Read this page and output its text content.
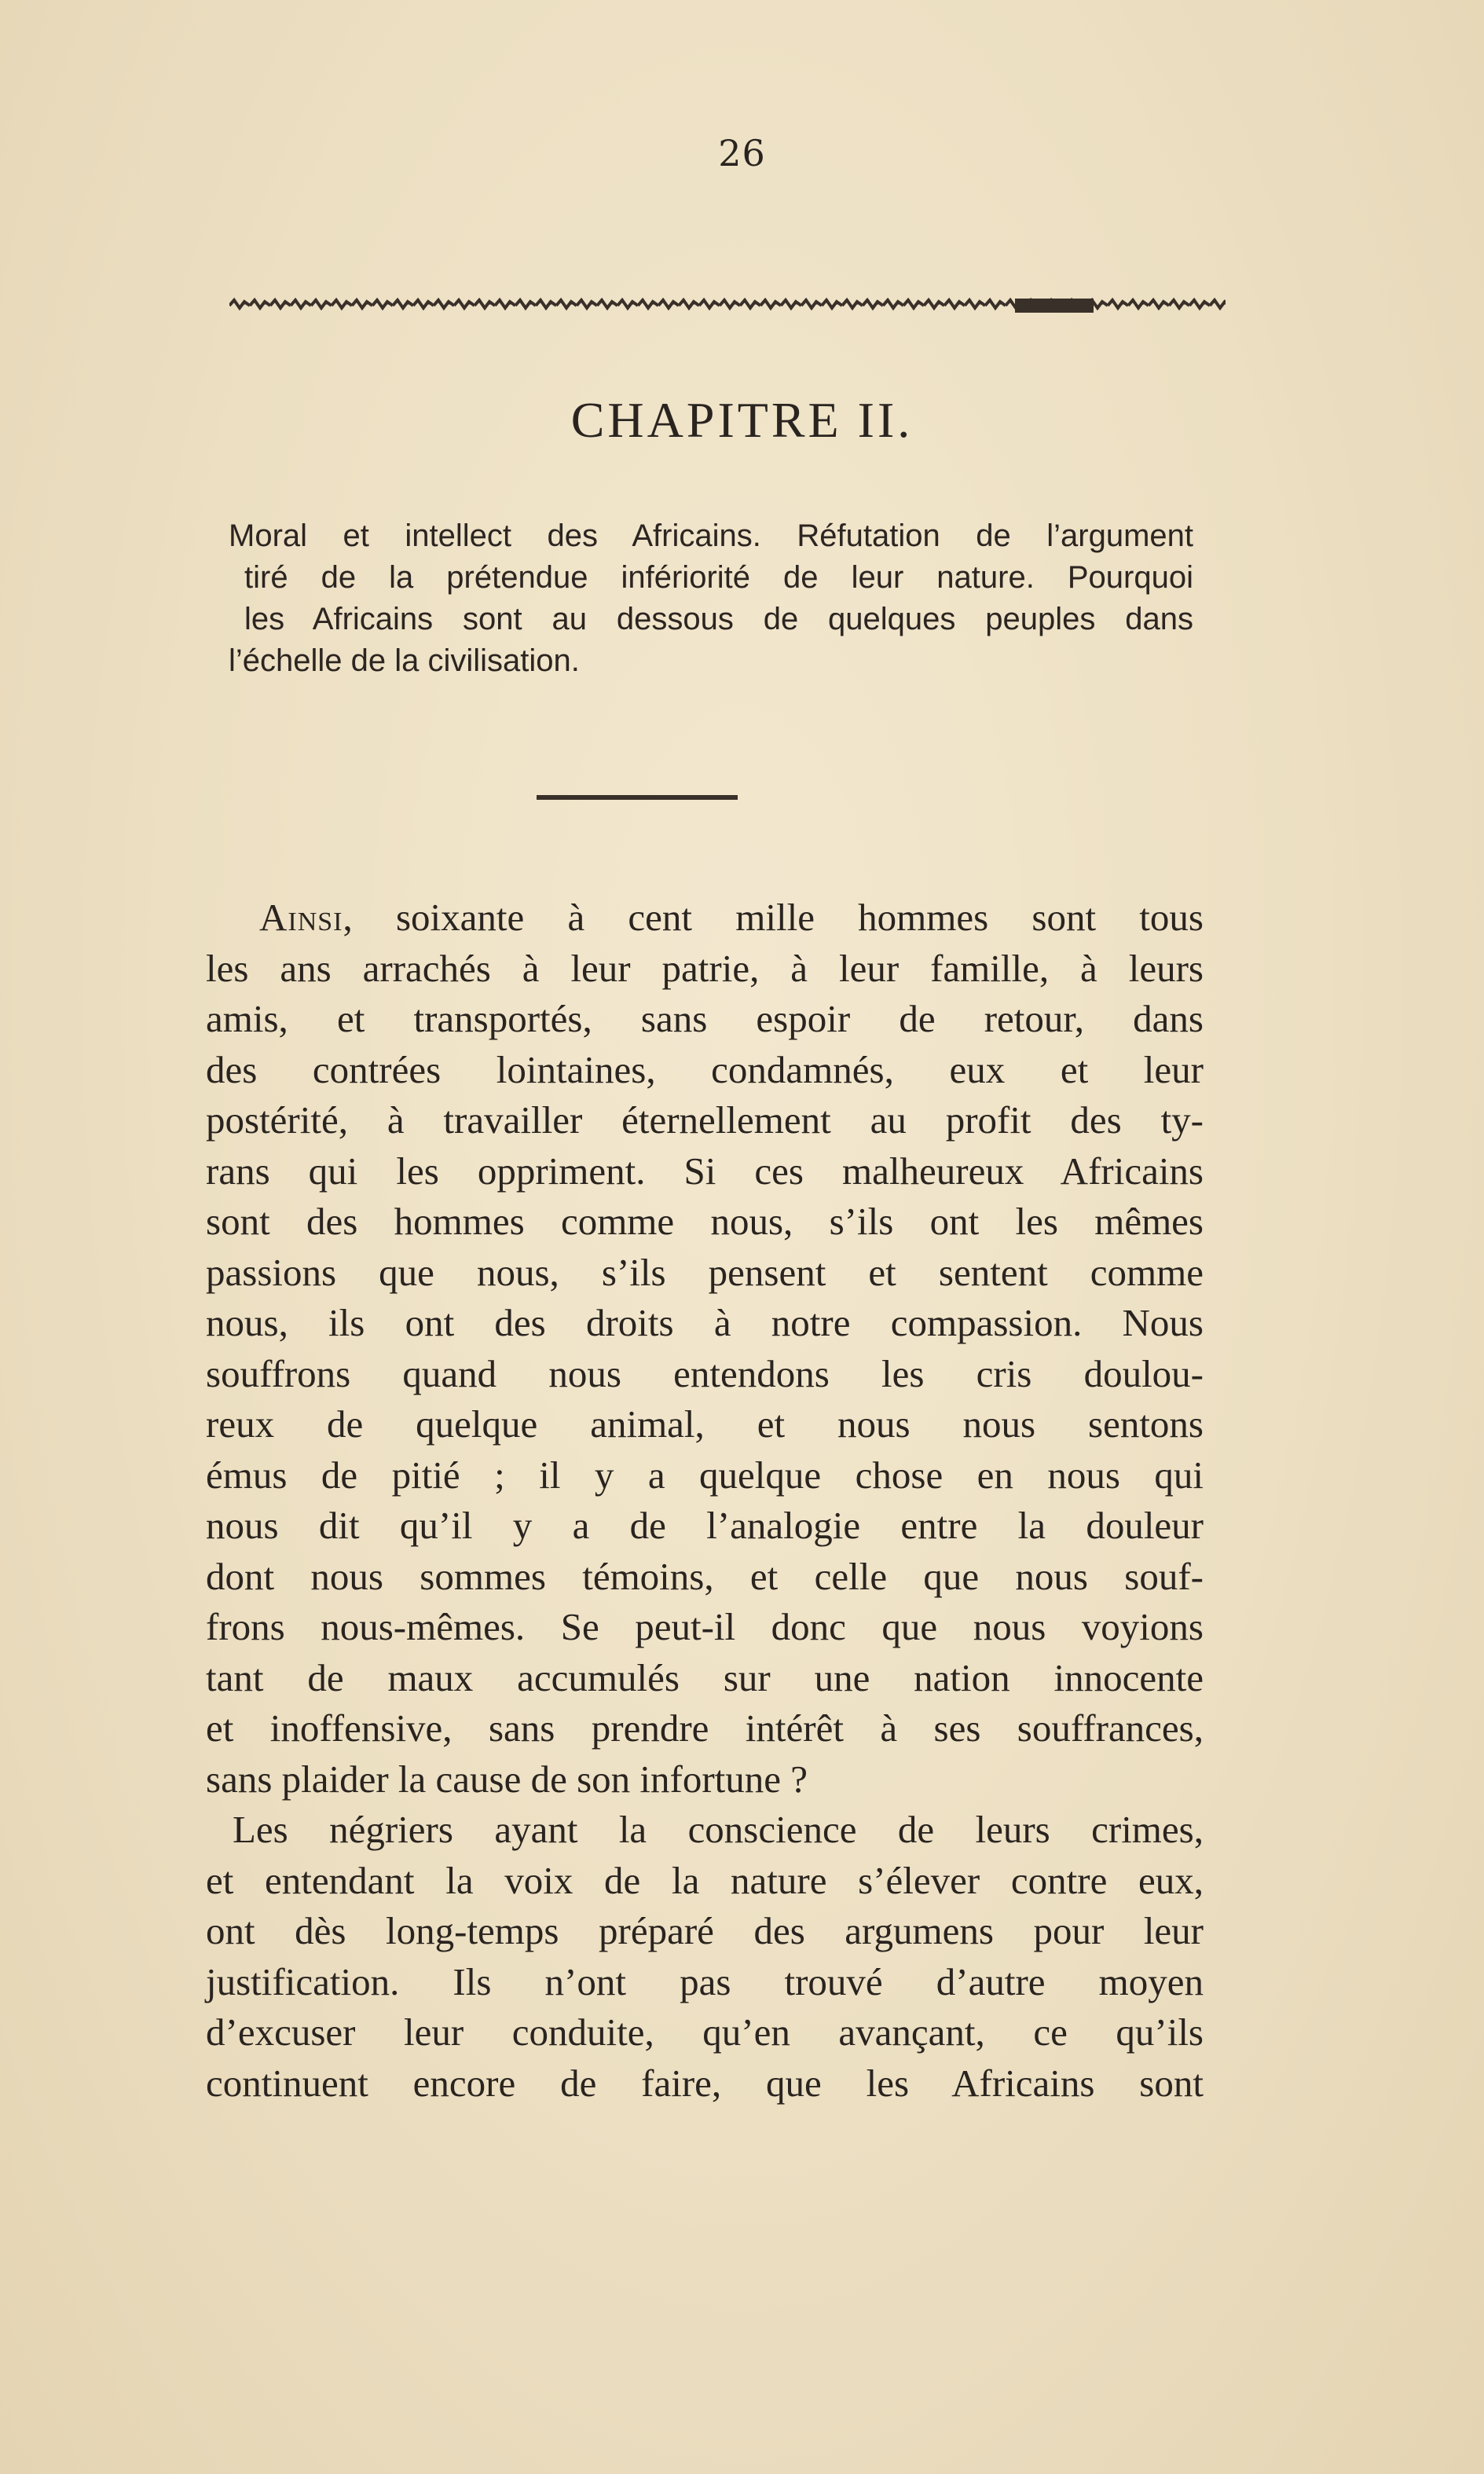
26
CHAPITRE II.
Moral et intellect des Africains. Réfutation de l’argument
tiré de la prétendue infériorité de leur nature. Pourquoi
les Africains sont au dessous de quelques peuples dans
l’échelle de la civilisation.
Ainsi, soixante à cent mille hommes sont tous
les ans arrachés à leur patrie, à leur famille, à leurs
amis, et transportés, sans espoir de retour, dans
des contrées lointaines, condamnés, eux et leur
postérité, à travailler éternellement au profit des ty-
rans qui les oppriment. Si ces malheureux Africains
sont des hommes comme nous, s’ils ont les mêmes
passions que nous, s’ils pensent et sentent comme
nous, ils ont des droits à notre compassion. Nous
souffrons quand nous entendons les cris doulou-
reux de quelque animal, et nous nous sentons
émus de pitié ; il y a quelque chose en nous qui
nous dit qu’il y a de l’analogie entre la douleur
dont nous sommes témoins, et celle que nous souf-
frons nous-mêmes. Se peut-il donc que nous voyions
tant de maux accumulés sur une nation innocente
et inoffensive, sans prendre intérêt à ses souffrances,
sans plaider la cause de son infortune ?
Les négriers ayant la conscience de leurs crimes,
et entendant la voix de la nature s’élever contre eux,
ont dès long-temps préparé des argumens pour leur
justification. Ils n’ont pas trouvé d’autre moyen
d’excuser leur conduite, qu’en avançant, ce qu’ils
continuent encore de faire, que les Africains sont
